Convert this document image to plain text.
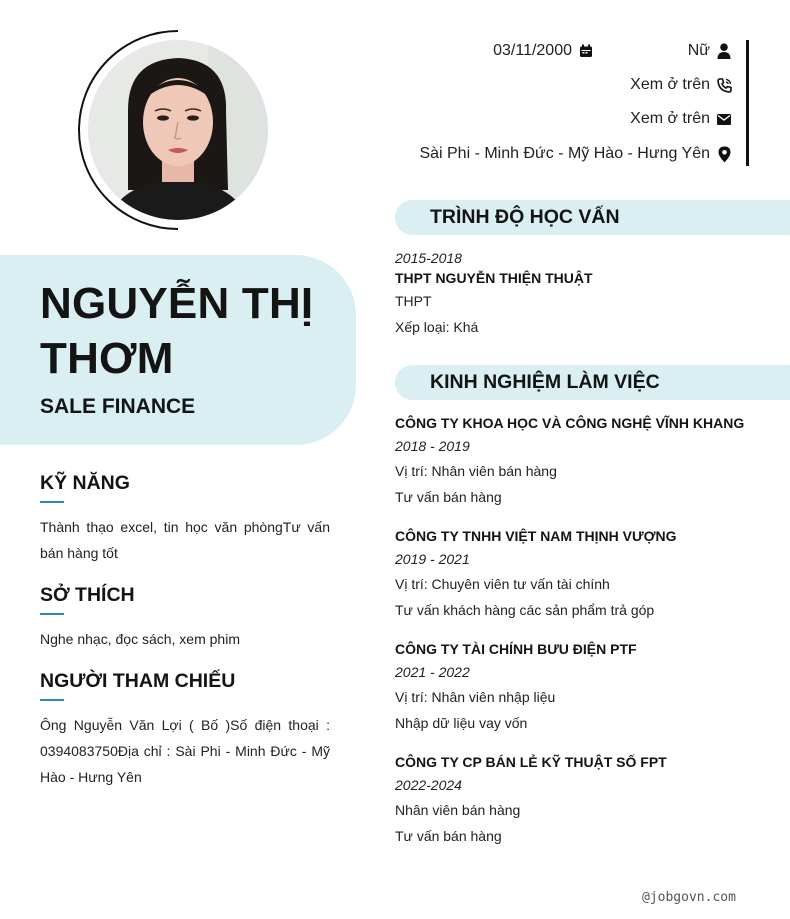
NGUYỄN THỊ
THƠM
SALE FINANCE
KỸ NĂNG
Thành thạo excel, tin học văn phòngTư vấn bán hàng tốt
SỞ THÍCH
Nghe nhạc, đọc sách, xem phim
NGƯỜI THAM CHIẾU
Ông Nguyễn Văn Lợi ( Bố )Số điện thoại : 0394083750Địa chỉ : Sài Phi - Minh Đức - Mỹ Hào - Hưng Yên
03/11/2000	Nữ
Xem ở trên
Xem ở trên
Sài Phi - Minh Đức - Mỹ Hào - Hưng Yên
TRÌNH ĐỘ HỌC VẤN
2015-2018
THPT NGUYỄN THIỆN THUẬT
THPT
Xếp loại: Khá
KINH NGHIỆM LÀM VIỆC
CÔNG TY KHOA HỌC VÀ CÔNG NGHỆ VĨNH KHANG
2018 - 2019
Vị trí: Nhân viên bán hàng
Tư vấn bán hàng
CÔNG TY TNHH VIỆT NAM THỊNH VƯỢNG
2019 - 2021
Vị trí: Chuyên viên tư vấn tài chính
Tư vấn khách hàng các sản phẩm trả góp
CÔNG TY TÀI CHÍNH BƯU ĐIỆN PTF
2021 - 2022
Vị trí: Nhân viên nhập liệu
Nhập dữ liệu vay vốn
CÔNG TY CP BÁN LẺ KỸ THUẬT SỐ FPT
2022-2024
Nhân viên bán hàng
Tư vấn bán hàng
@jobgovn.com
